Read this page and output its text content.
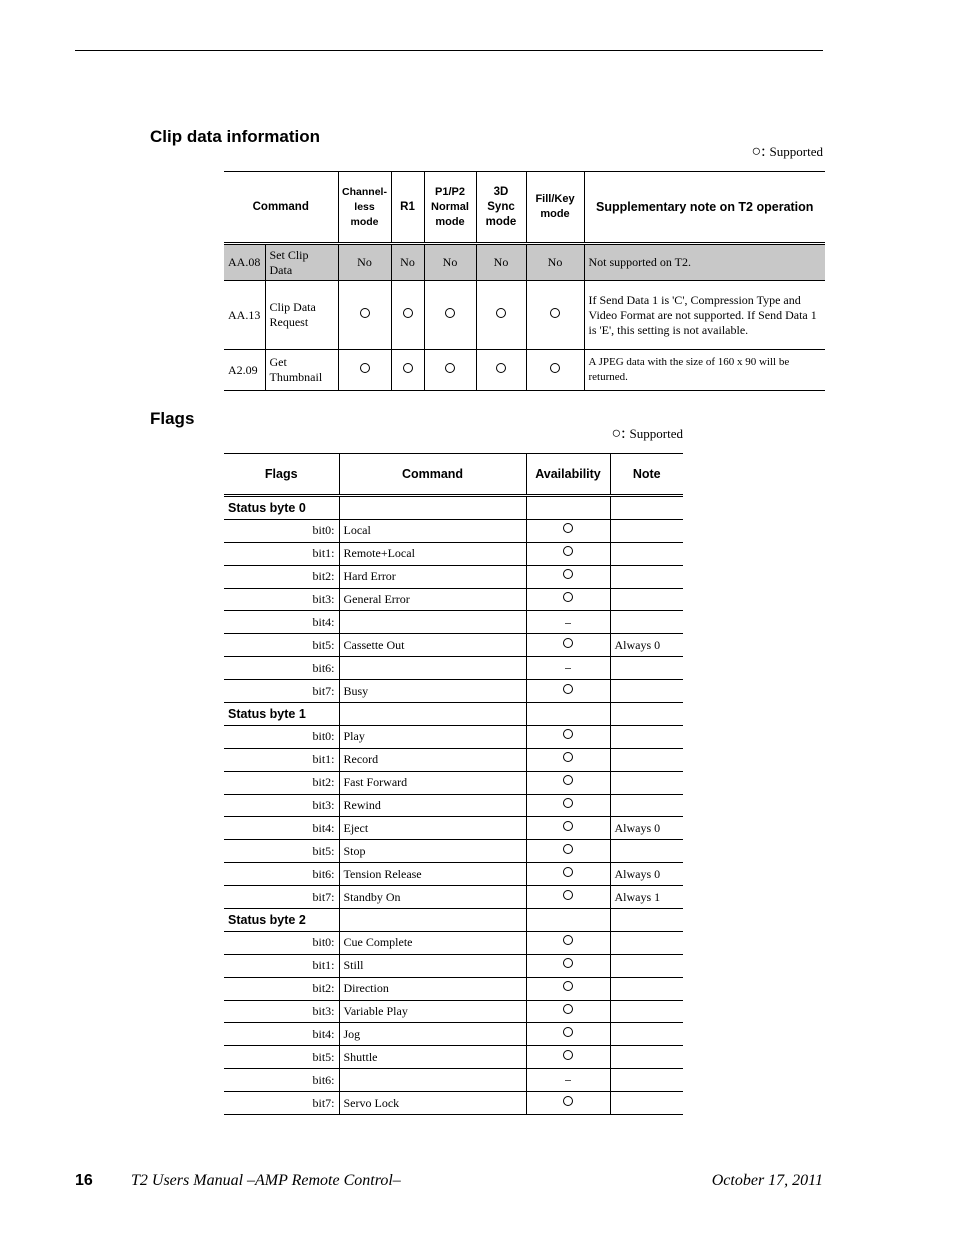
Clip data information
○: Supported
Command		Channel-less mode	R1	P1/P2 Normal mode	3D Sync mode	Fill/Key mode	Supplementary note on T2 operation
AA.08	Set Clip Data	No	No	No	No	No	Not supported on T2.
AA.13	Clip Data Request						If Send Data 1 is 'C', Compression Type and Video Format are not supported. If Send Data 1 is 'E', this setting is not available.
A2.09	Get Thumbnail						A JPEG data with the size of 160 x 90 will be returned.
Flags
○: Supported
Flags	Command	Availability	Note
Status byte 0			
bit0:	Local		
bit1:	Remote+Local		
bit2:	Hard Error		
bit3:	General Error		
bit4:			
bit5:	Cassette Out		Always 0
bit6:			
bit7:	Busy		
Status byte 1			
bit0:	Play		
bit1:	Record		
bit2:	Fast Forward		
bit3:	Rewind		
bit4:	Eject		Always 0
bit5:	Stop		
bit6:	Tension Release		Always 0
bit7:	Standby On		Always 1
Status byte 2			
bit0:	Cue Complete		
bit1:	Still		
bit2:	Direction		
bit3:	Variable Play		
bit4:	Jog		
bit5:	Shuttle		
bit6:			
bit7:	Servo Lock		
16 T2 Users Manual –AMP Remote Control–	October 17, 2011
